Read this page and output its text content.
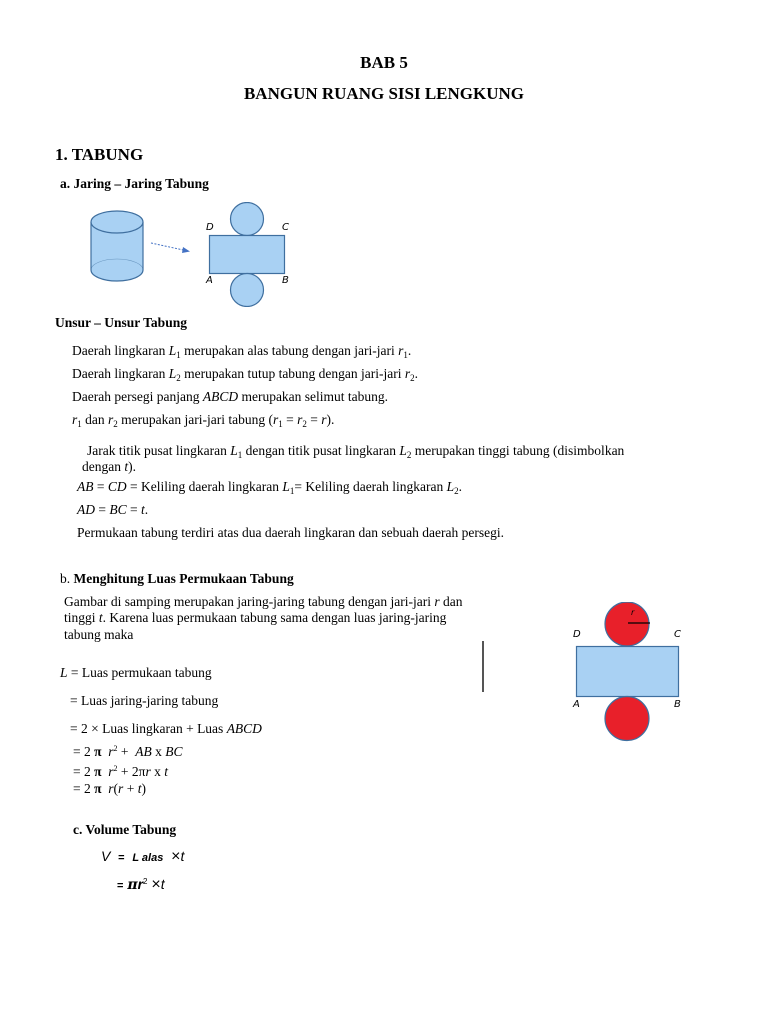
BAB 5
BANGUN RUANG SISI LENGKUNG
1. TABUNG
a. Jaring – Jaring Tabung
D	C
A	B
Unsur – Unsur Tabung
Daerah lingkaran $L_1$ merupakan alas tabung dengan jari-jari $r_1$.
Daerah lingkaran $L_2$ merupakan tutup tabung dengan jari-jari $r_2$.
Daerah persegi panjang ABCD merupakan selimut tabung.
$r_1$ dan $r_2$ merupakan jari-jari tabung $(r_1 = r_2 = r)$.
Jarak titik pusat lingkaran $L_1$ dengan titik pusat lingkaran $L_2$ merupakan tinggi tabung (disimbolkan
dengan t).
AB = CD = Keliling daerah lingkaran $L_1=$ Keliling daerah lingkaran $L_2$.
AD = BC = t.
Permukaan tabung terdiri atas dua daerah lingkaran dan sebuah daerah persegi.
b. Menghitung Luas Permukaan Tabung
Gambar di samping merupakan jaring-jaring tabung dengan jari-jari r dan
tinggi t. Karena luas permukaan tabung sama dengan luas jaring-jaring
tabung maka
L = Luas permukaan tabung
= Luas jaring-jaring tabung
= 2 × Luas lingkaran + Luas ABCD
= 2 π $r^2$ +  AB x BC
= 2 π $r^2 + 2\pi r$ x t
= 2 π r(r + t)
r
D	C
A	B
c. Volume Tabung
V = L alas ×t
= $\pi r^2 \times t$
